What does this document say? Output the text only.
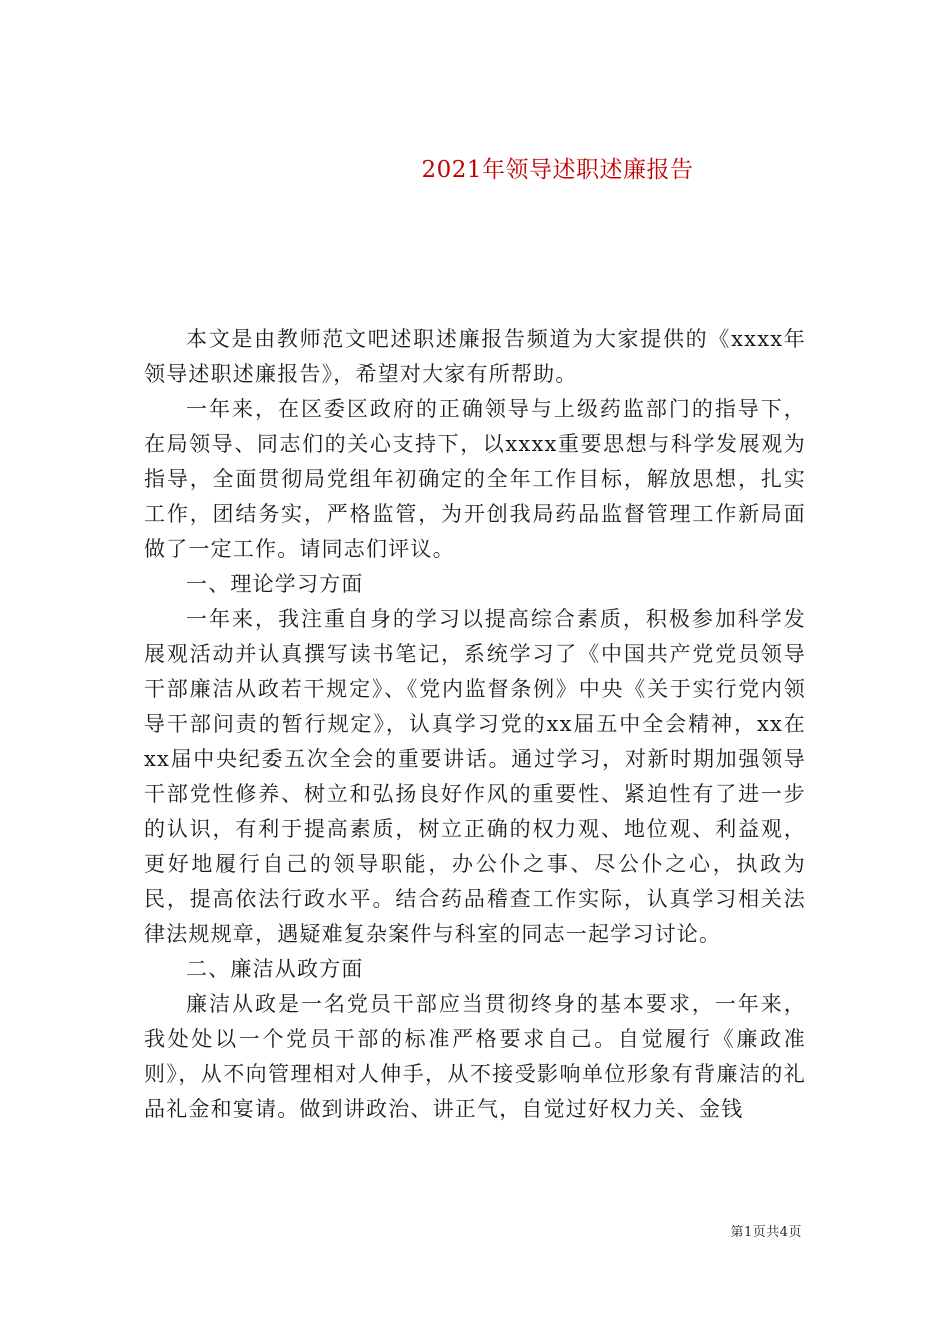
2021年领导述职述廉报告

本文是由教师范文吧述职述廉报告频道为大家提供的《xxxx年领导述职述廉报告》，希望对大家有所帮助。

一年来，在区委区政府的正确领导与上级药监部门的指导下，在局领导、同志们的关心支持下，以xxxx重要思想与科学发展观为指导，全面贯彻局党组年初确定的全年工作目标，解放思想，扎实工作，团结务实，严格监管，为开创我局药品监督管理工作新局面做了一定工作。请同志们评议。

一、理论学习方面

一年来，我注重自身的学习以提高综合素质，积极参加科学发展观活动并认真撰写读书笔记，系统学习了《中国共产党党员领导干部廉洁从政若干规定》、《党内监督条例》中央《关于实行党内领导干部问责的暂行规定》，认真学习党的xx届五中全会精神，xx在xx届中央纪委五次全会的重要讲话。通过学习，对新时期加强领导干部党性修养、树立和弘扬良好作风的重要性、紧迫性有了进一步的认识，有利于提高素质，树立正确的权力观、地位观、利益观，更好地履行自己的领导职能，办公仆之事、尽公仆之心，执政为民，提高依法行政水平。结合药品稽查工作实际，认真学习相关法律法规规章，遇疑难复杂案件与科室的同志一起学习讨论。

二、廉洁从政方面

廉洁从政是一名党员干部应当贯彻终身的基本要求，一年来，我处处以一个党员干部的标准严格要求自己。自觉履行《廉政准则》，从不向管理相对人伸手，从不接受影响单位形象有背廉洁的礼品礼金和宴请。做到讲政治、讲正气，自觉过好权力关、金钱

第1页共4页
